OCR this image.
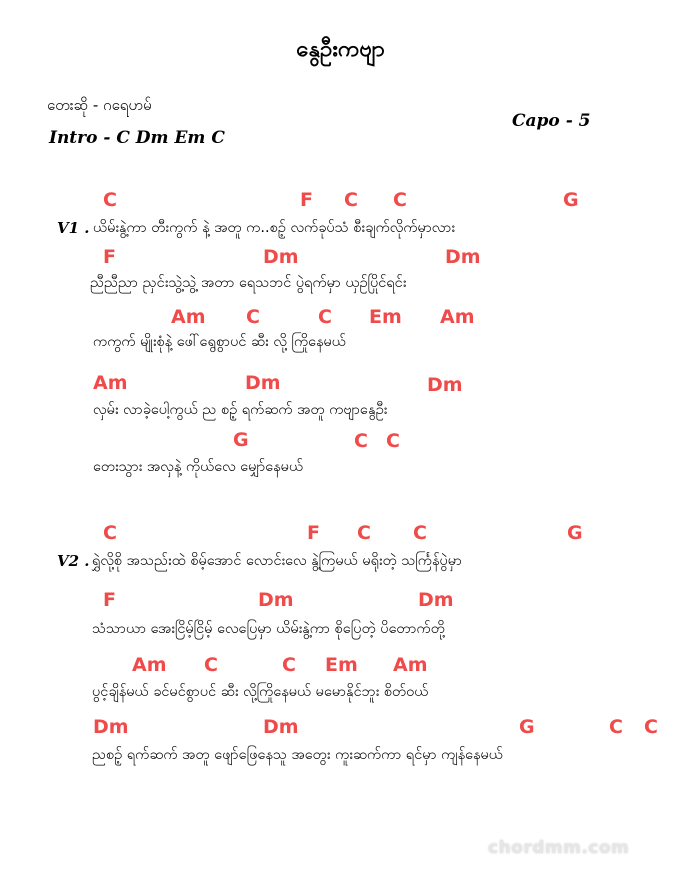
နွေဦးကဗျာ
တေးဆို - ဂရေဟမ်
Intro - C Dm Em C
Capo - 5
V1 .
C	F C C	G
ယိမ်းနွဲ့ကာ တီးကွက် နဲ့ အတူ က..စဥ့် လက်ခုပ်သံ စီးချက်လိုက်မှာလား
F	Dm	Dm
ညီညီညာ ညှင်းသွဲ့သွဲ့ အတာ ရေသဘင် ပွဲရက်မှာ ယှဥ်ပြိုင်ရင်း
Am C	C Em Am
ကကွက် မျိုးစုံနဲ့ ဖေါ်ရွေစွာပင် ဆီး လို့ ကြိုနေမယ်
Am	Dm	Dm
လှမ်း လာခဲ့ပေါ့ကွယ် ည စဥ့် ရက်ဆက် အတူ ကဗျာနွေဦး
G	C C
တေးသွား အလှနဲ့ ကိုယ်လေ မျှော်နေမယ်
V2 .
C	F C C	G
ရွှဲလို့စို အသည်းထဲ စိမ့်အောင် လောင်းလေ နွဲ့ကြမယ် မရိုးတဲ့ သင်္ကြန်ပွဲမှာ
F	Dm	Dm
သံသာယာ အေးငြိမ့်ငြိမ့် လေပြေမှာ ယိမ်းနွဲ့ကာ စိုပြေတဲ့ ပိတောက်တို့
Am C	C Em Am
ပွင့်ချိန်မယ် ခင်မင်စွာပင် ဆီး လို့ကြိုနေမယ် မမောနိုင်ဘူး စိတ်ဝယ်
Dm	Dm	G	C C
ညစဥ့် ရက်ဆက် အတူ ဖျော်ဖြေနေသူ အတွေး ကူးဆက်ကာ ရင်မှာ ကျန်နေမယ်
chordmm.com
